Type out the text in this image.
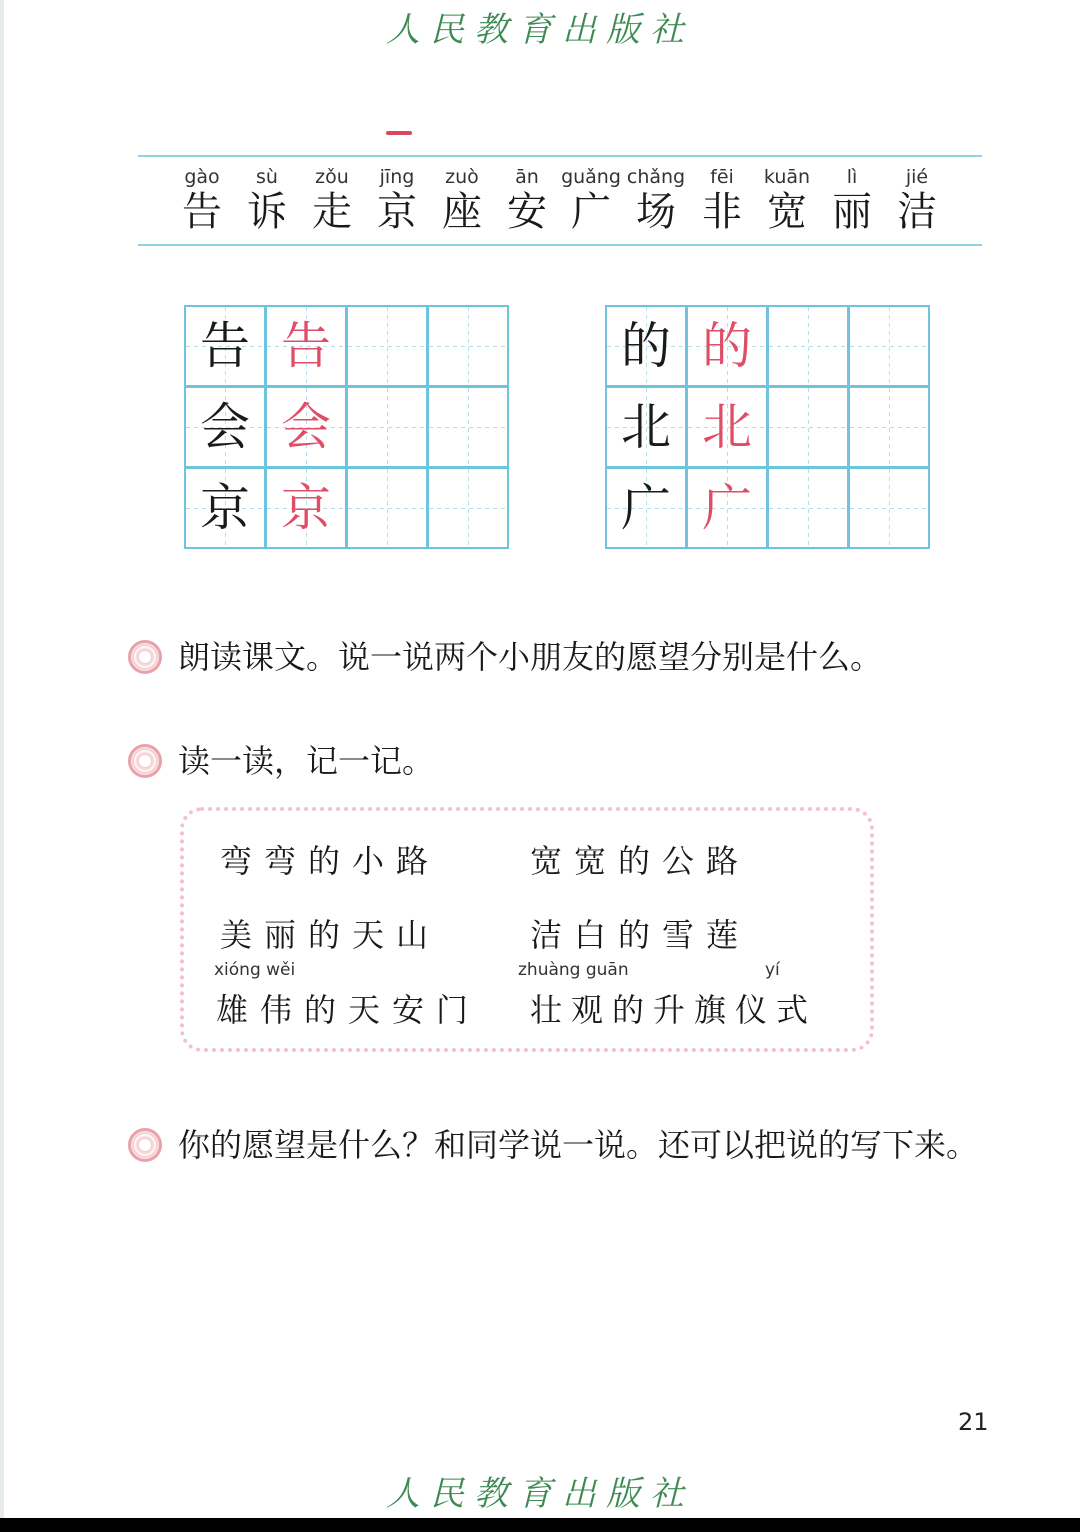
人民教育出版社
gào
告
sù
诉
zǒu
走
jīng
京
zuò
座
ān
安
guǎng
广
chǎng
场
fēi
非
kuān
宽
lì
丽
jié
洁
告 告
会 会
京 京
的 的
北 北
广 广
朗读课文。说一说两个小朋友的愿望分别是什么。
读一读，记一记。
弯弯的小路	宽宽的公路
美丽的天山	洁白的雪莲
xióng wěi	zhuàng guān	yí
雄伟的天安门 壮观的升旗仪式
你的愿望是什么？和同学说一说。还可以把说的写下来。
21
人民教育出版社
